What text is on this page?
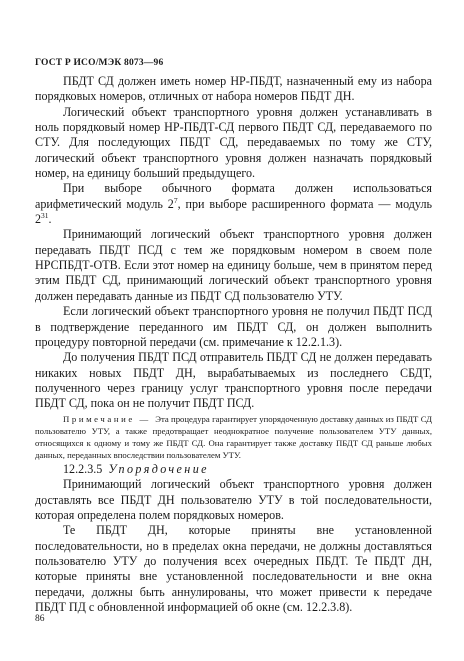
ГОСТ Р ИСО/МЭК 8073—96

ПБДТ СД должен иметь номер НР-ПБДТ, назначенный ему из набора порядковых номеров, отличных от набора номеров ПБДТ ДН.

Логический объект транспортного уровня должен устанавливать в ноль порядковый номер НР-ПБДТ-СД первого ПБДТ СД, передаваемого по СТУ. Для последующих ПБДТ СД, передаваемых по тому же СТУ, логический объект транспортного уровня должен назначать порядковый номер, на единицу больший предыдущего.

При выборе обычного формата должен использоваться арифметический модуль $2^7$, при выборе расширенного формата — модуль $2^{31}$.

Принимающий логический объект транспортного уровня должен передавать ПБДТ ПСД с тем же порядковым номером в своем поле НРСПБДТ-ОТВ. Если этот номер на единицу больше, чем в принятом перед этим ПБДТ СД, принимающий логический объект транспортного уровня должен передавать данные из ПБДТ СД пользователю УТУ.

Если логический объект транспортного уровня не получил ПБДТ ПСД в подтверждение переданного им ПБДТ СД, он должен выполнить процедуру повторной передачи (см. примечание к 12.2.1.3).

До получения ПБДТ ПСД отправитель ПБДТ СД не должен передавать никаких новых ПБДТ ДН, вырабатываемых из последнего СБДТ, полученного через границу услуг транспортного уровня после передачи ПБДТ СД, пока он не получит ПБДТ ПСД.

Примечание — Эта процедура гарантирует упорядоченную доставку данных из ПБДТ СД пользователю УТУ, а также предотвращает неоднократное получение пользователем УТУ данных, относящихся к одному и тому же ПБДТ СД. Она гарантирует также доставку ПБДТ СД раньше любых данных, переданных впоследствии пользователем УТУ.
12.2.3.5 Упорядочение

Принимающий логический объект транспортного уровня должен доставлять все ПБДТ ДН пользователю УТУ в той последовательности, которая определена полем порядковых номеров.

Те ПБДТ ДН, которые приняты вне установленной последовательности, но в пределах окна передачи, не должны доставляться пользователю УТУ до получения всех очередных ПБДТ. Те ПБДТ ДН, которые приняты вне установленной последовательности и вне окна передачи, должны быть аннулированы, что может привести к передаче ПБДТ ПД с обновленной информацией об окне (см. 12.2.3.8).

86
